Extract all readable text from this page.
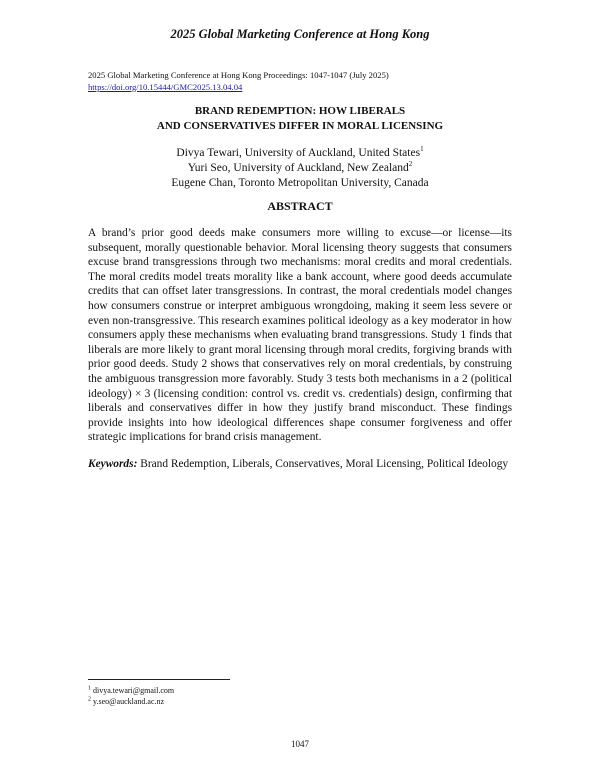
2025 Global Marketing Conference at Hong Kong
2025 Global Marketing Conference at Hong Kong Proceedings: 1047-1047 (July 2025)
https://doi.org/10.15444/GMC2025.13.04.04
BRAND REDEMPTION: HOW LIBERALS
AND CONSERVATIVES DIFFER IN MORAL LICENSING
Divya Tewari, University of Auckland, United States$^1$
Yuri Seo, University of Auckland, New Zealand$^2$
Eugene Chan, Toronto Metropolitan University, Canada
ABSTRACT

A brand’s prior good deeds make consumers more willing to excuse—or license—its subsequent, morally questionable behavior. Moral licensing theory suggests that consumers excuse brand transgressions through two mechanisms: moral credits and moral credentials. The moral credits model treats morality like a bank account, where good deeds accumulate credits that can offset later transgressions. In contrast, the moral credentials model changes how consumers construe or interpret ambiguous wrongdoing, making it seem less severe or even non-transgressive. This research examines political ideology as a key moderator in how consumers apply these mechanisms when evaluating brand transgressions. Study 1 finds that liberals are more likely to grant moral licensing through moral credits, forgiving brands with prior good deeds. Study 2 shows that conservatives rely on moral credentials, by construing the ambiguous transgression more favorably. Study 3 tests both mechanisms in a 2 (political ideology) × 3 (licensing condition: control vs. credit vs. credentials) design, confirming that liberals and conservatives differ in how they justify brand misconduct. These findings provide insights into how ideological differences shape consumer forgiveness and offer strategic implications for brand crisis management.

Keywords: Brand Redemption, Liberals, Conservatives, Moral Licensing, Political Ideology
$^1$ divya.tewari@gmail.com
$^2$ y.seo@auckland.ac.nz
1047
